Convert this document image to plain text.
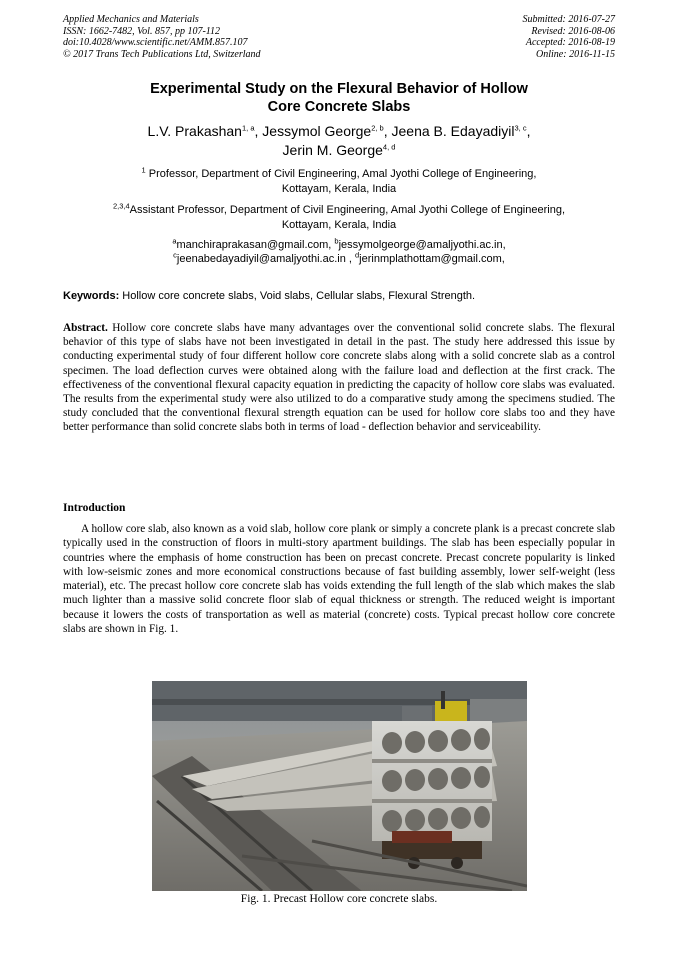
Applied Mechanics and Materials
ISSN: 1662-7482, Vol. 857, pp 107-112
doi:10.4028/www.scientific.net/AMM.857.107
© 2017 Trans Tech Publications Ltd, Switzerland
Submitted: 2016-07-27
Revised: 2016-08-06
Accepted: 2016-08-19
Online: 2016-11-15
Experimental Study on the Flexural Behavior of Hollow
Core Concrete Slabs
L.V. Prakashan$^{1, a}$, Jessymol George$^{2, b}$, Jeena B. Edayadiyil$^{3, c}$,
Jerin M. George$^{4, d}$
$^1$ Professor, Department of Civil Engineering, Amal Jyothi College of Engineering,
Kottayam, Kerala, India
$^{2,3,4}$Assistant Professor, Department of Civil Engineering, Amal Jyothi College of Engineering,
Kottayam, Kerala, India
$^a$manchiraprakasan@gmail.com, $^b$jessymolgeorge@amaljyothi.ac.in,
$^c$jeenabedayadiyil@amaljyothi.ac.in , $^d$jerinmplathottam@gmail.com,
Keywords: Hollow core concrete slabs, Void slabs, Cellular slabs, Flexural Strength.
Abstract. Hollow core concrete slabs have many advantages over the conventional solid concrete slabs. The flexural behavior of this type of slabs have not been investigated in detail in the past. The study here addressed this issue by conducting experimental study of four different hollow core concrete slabs along with a solid concrete slab as a control specimen. The load deflection curves were obtained along with the failure load and deflection at the first crack. The effectiveness of the conventional flexural capacity equation in predicting the capacity of hollow core slabs was evaluated. The results from the experimental study were also utilized to do a comparative study among the specimens studied. The study concluded that the conventional flexural strength equation can be used for hollow core slabs too and they have better performance than solid concrete slabs both in terms of load - deflection behavior and serviceability.
Introduction
A hollow core slab, also known as a void slab, hollow core plank or simply a concrete plank is a precast concrete slab typically used in the construction of floors in multi-story apartment buildings. The slab has been especially popular in countries where the emphasis of home construction has been on precast concrete. Precast concrete popularity is linked with low-seismic zones and more economical constructions because of fast building assembly, lower self-weight (less material), etc. The precast hollow core concrete slab has voids extending the full length of the slab which makes the slab much lighter than a massive solid concrete floor slab of equal thickness or strength. The reduced weight is important because it lowers the costs of transportation as well as material (concrete) costs. Typical precast hollow core concrete slabs are shown in Fig. 1.
Fig. 1. Precast Hollow core concrete slabs.
